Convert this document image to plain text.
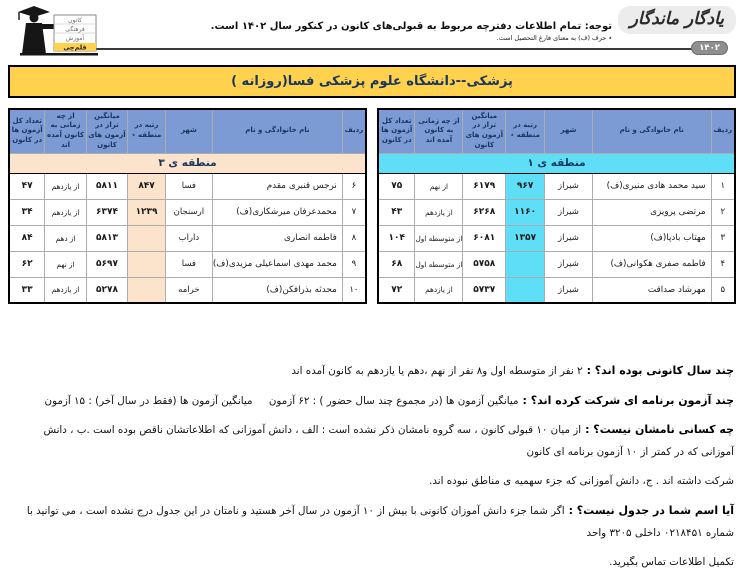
کانون
فرهنگی
آموزش
قلم‌چی
توجه: تمام اطلاعات دفترچه مربوط به قبولی‌های کانون در کنکور سال ۱۴۰۲ است.
٭ حرف (ف) به معنای فارغ التحصیل است.
یادگار ماندگار
۱۴۰۲
پزشکی--دانشگاه علوم پزشکی فسا(روزانه )
ردیف	نام خانوادگی و نام	شهر	رتبه در منطقه ٭	میانگین تراز در آزمون های کانون	از چه زمانی به کانون آمده اند	تعداد کل آزمون ها در کانون
منطقه ی ۱						
۱	سید محمد هادی منیری(ف)	شیراز	۹۶۷	۶۱۷۹	از نهم	۷۵
۲	مرتضی پرویزی	شیراز	۱۱۶۰	۶۲۶۸	از یازدهم	۴۳
۳	مهتاب بادپا(ف)	شیراز	۱۳۵۷	۶۰۸۱	از متوسطه اول	۱۰۴
۴	فاطمه صفری هکوانی(ف)	شیراز		۵۷۵۸	از متوسطه اول	۶۸
۵	مهرشاد صداقت	شیراز		۵۷۳۷	از یازدهم	۷۲
ردیف	نام خانوادگی و نام	شهر	رتبه در منطقه ٭	میانگین تراز در آزمون های کانون	از چه زمانی به کانون آمده اند	تعداد کل آزمون ها در کانون
منطقه ی ۳						
۶	نرجس قنبری مقدم	فسا	۸۴۷	۵۸۱۱	از یازدهم	۴۷
۷	محمدعرفان میرشکاری(ف)	ارسنجان	۱۲۳۹	۶۳۷۴	از یازدهم	۳۴
۸	فاطمه انصاری	داراب		۵۸۱۳	از دهم	۸۴
۹	محمد مهدی اسماعیلی مزیدی(ف)	فسا		۵۶۹۷	از نهم	۶۲
۱۰	محدثه بذرافکن(ف)	خرامه		۵۲۷۸	از یازدهم	۳۳
چند سال کانونی بوده اند؟ :۲ نفر از متوسطه اول و۸ نفر از نهم ،دهم یا یازدهم به کانون آمده اند
چند آزمون برنامه ای شرکت کرده اند؟ :میانگین آزمون ها (در مجموع چند سال حضور ) : ۶۲ آزمون     میانگین آزمون ها (فقط در سال آخر) : ۱۵ آزمون
چه کسانی نامشان نیست؟ :از میان ۱۰ قبولی کانون ، سه گروه نامشان ذکر نشده است : الف ، دانش آموزانی که اطلاعاتشان ناقص بوده است .ب ، دانش آموزانی که در کمتر از ۱۰ آزمون برنامه ای کانون
شرکت داشته اند . ج، دانش آموزانی که جزء سهمیه ی مناطق نبوده اند.
آیا اسم شما در جدول نیست؟ :اگر شما جزء دانش آموزان کانونی با بیش از ۱۰ آزمون در سال آخر هستید و نامتان در این جدول درج نشده است ، می توانید با شماره ۰۲۱۸۴۵۱ داخلی ۳۲۰۵ واحد
تکمیل اطلاعات تماس بگیرید.
